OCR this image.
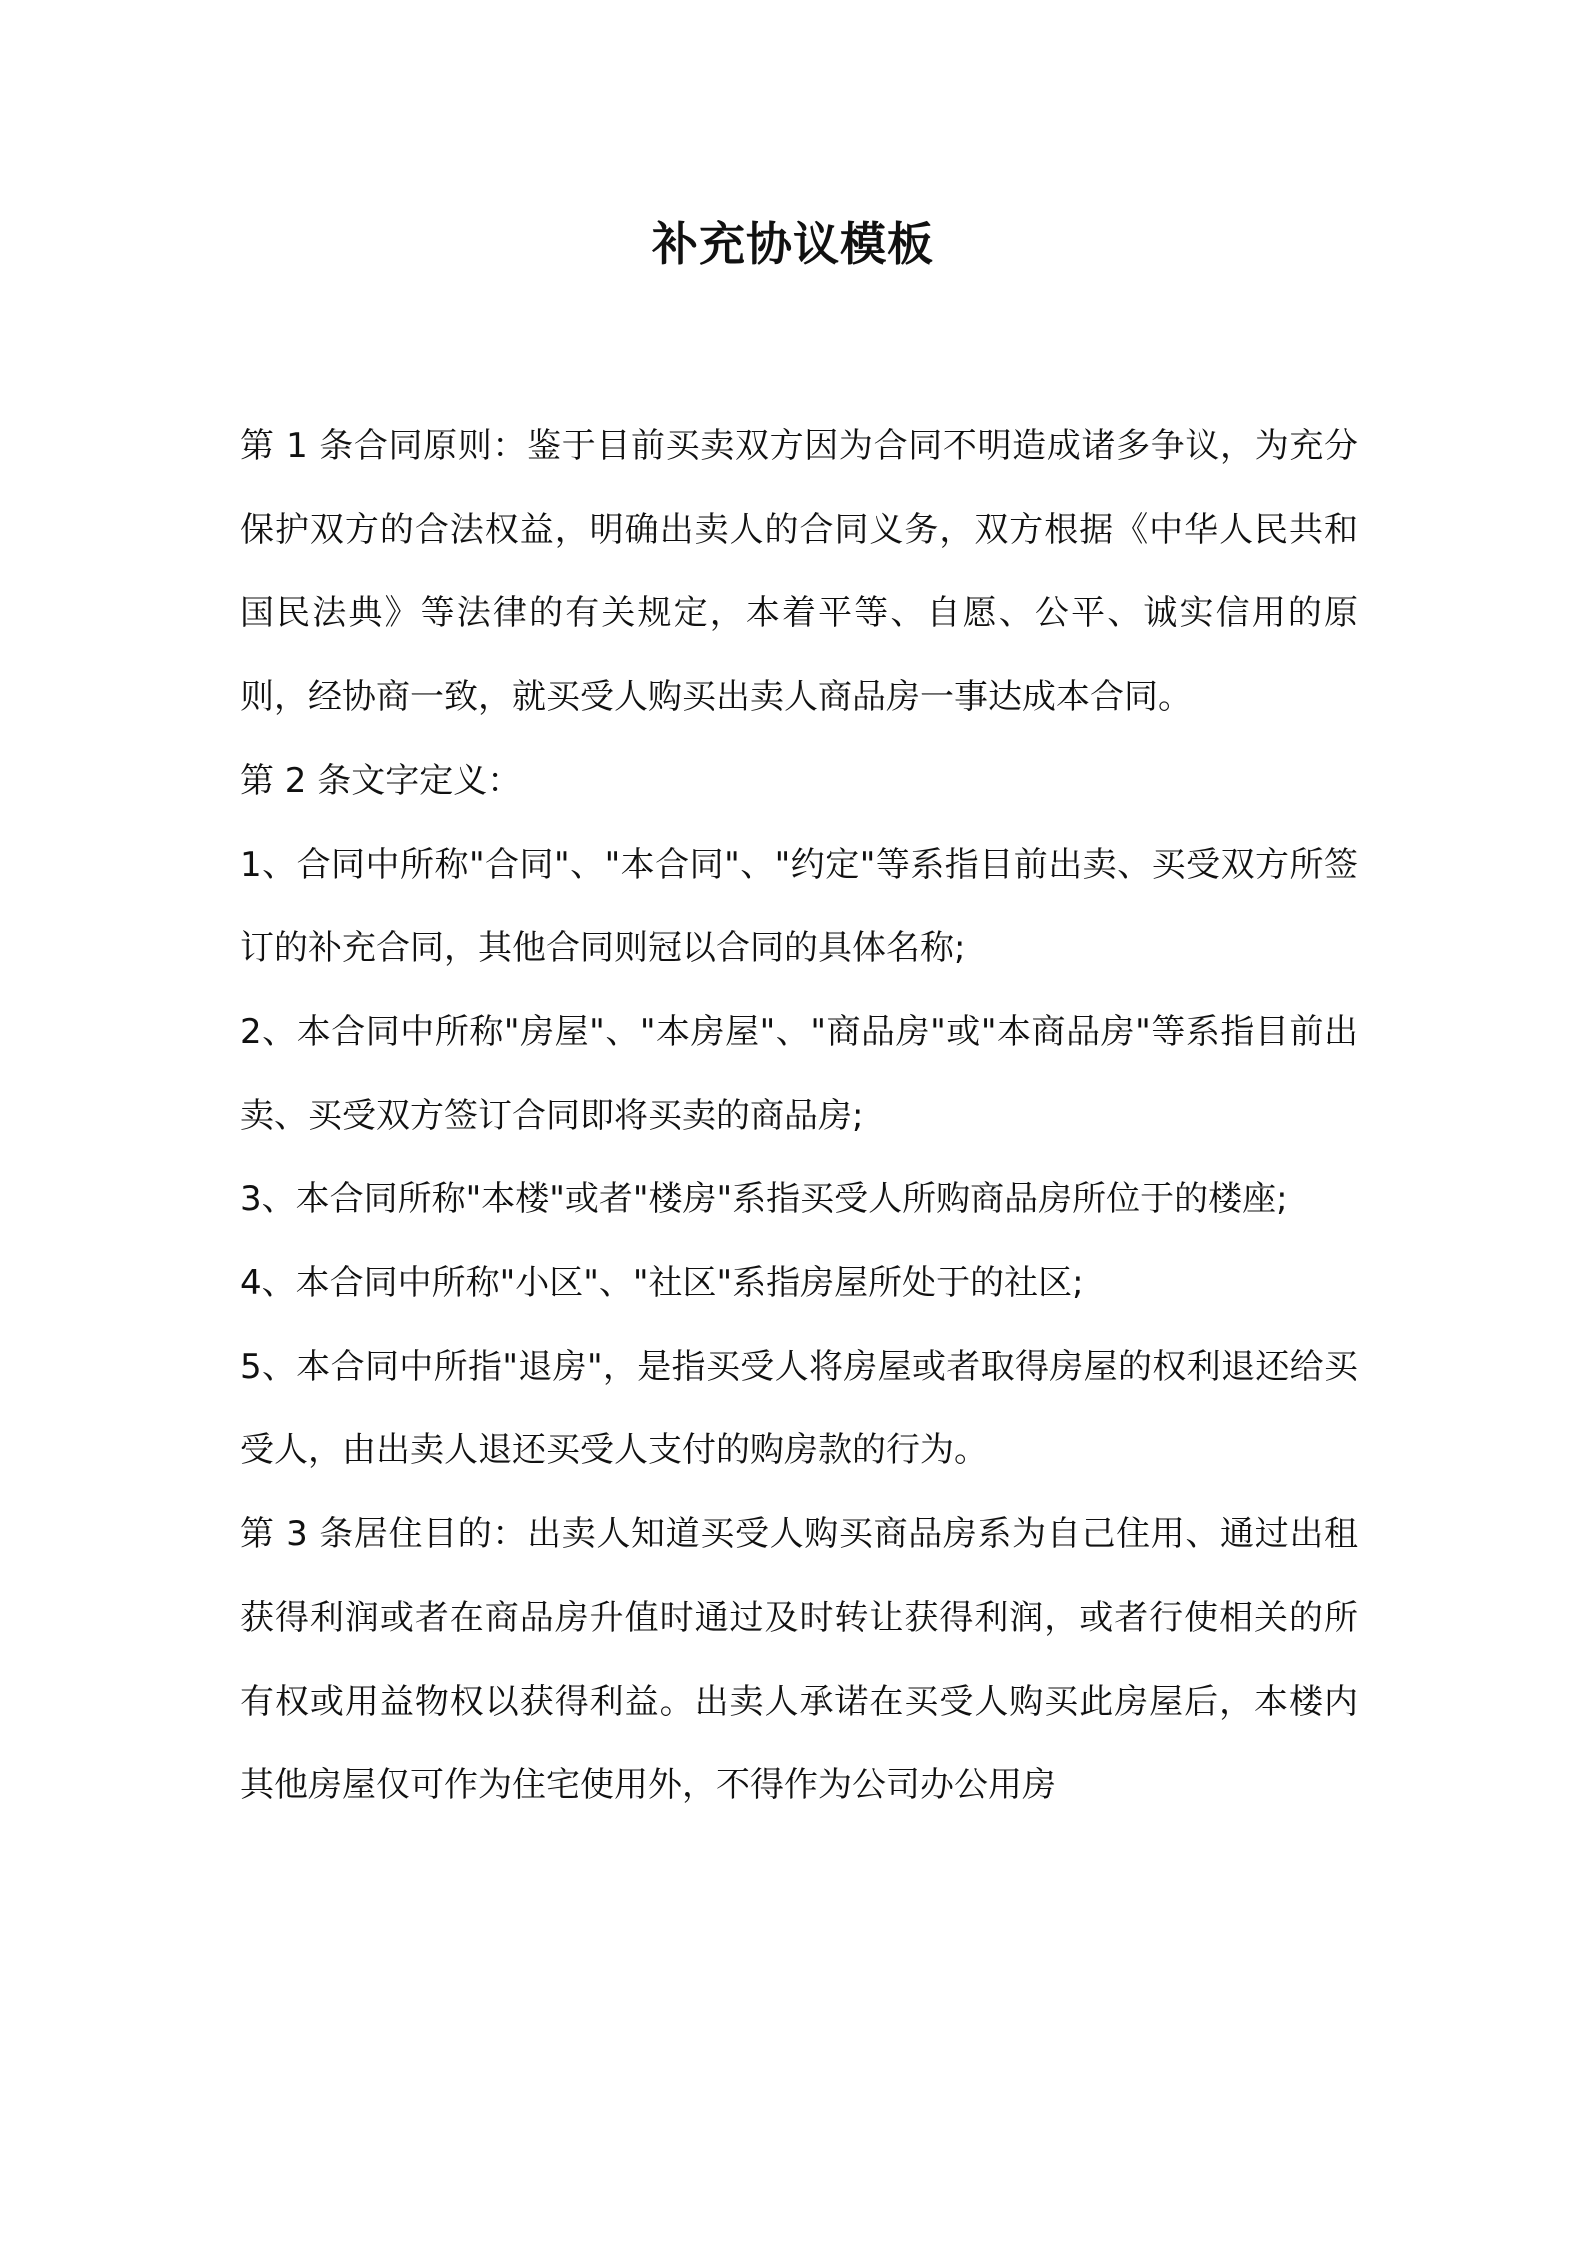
补充协议模板

第 1 条合同原则：鉴于目前买卖双方因为合同不明造成诸多争议，为充分保护双方的合法权益，明确出卖人的合同义务，双方根据《中华人民共和国民法典》等法律的有关规定，本着平等、自愿、公平、诚实信用的原则，经协商一致，就买受人购买出卖人商品房一事达成本合同。

第 2 条文字定义：

1、合同中所称"合同"、"本合同"、"约定"等系指目前出卖、买受双方所签订的补充合同，其他合同则冠以合同的具体名称;

2、本合同中所称"房屋"、"本房屋"、"商品房"或"本商品房"等系指目前出卖、买受双方签订合同即将买卖的商品房;

3、本合同所称"本楼"或者"楼房"系指买受人所购商品房所位于的楼座;

4、本合同中所称"小区"、"社区"系指房屋所处于的社区;

5、本合同中所指"退房"，是指买受人将房屋或者取得房屋的权利退还给买受人，由出卖人退还买受人支付的购房款的行为。

第 3 条居住目的：出卖人知道买受人购买商品房系为自己住用、通过出租获得利润或者在商品房升值时通过及时转让获得利润，或者行使相关的所有权或用益物权以获得利益。出卖人承诺在买受人购买此房屋后，本楼内其他房屋仅可作为住宅使用外，不得作为公司办公用房
